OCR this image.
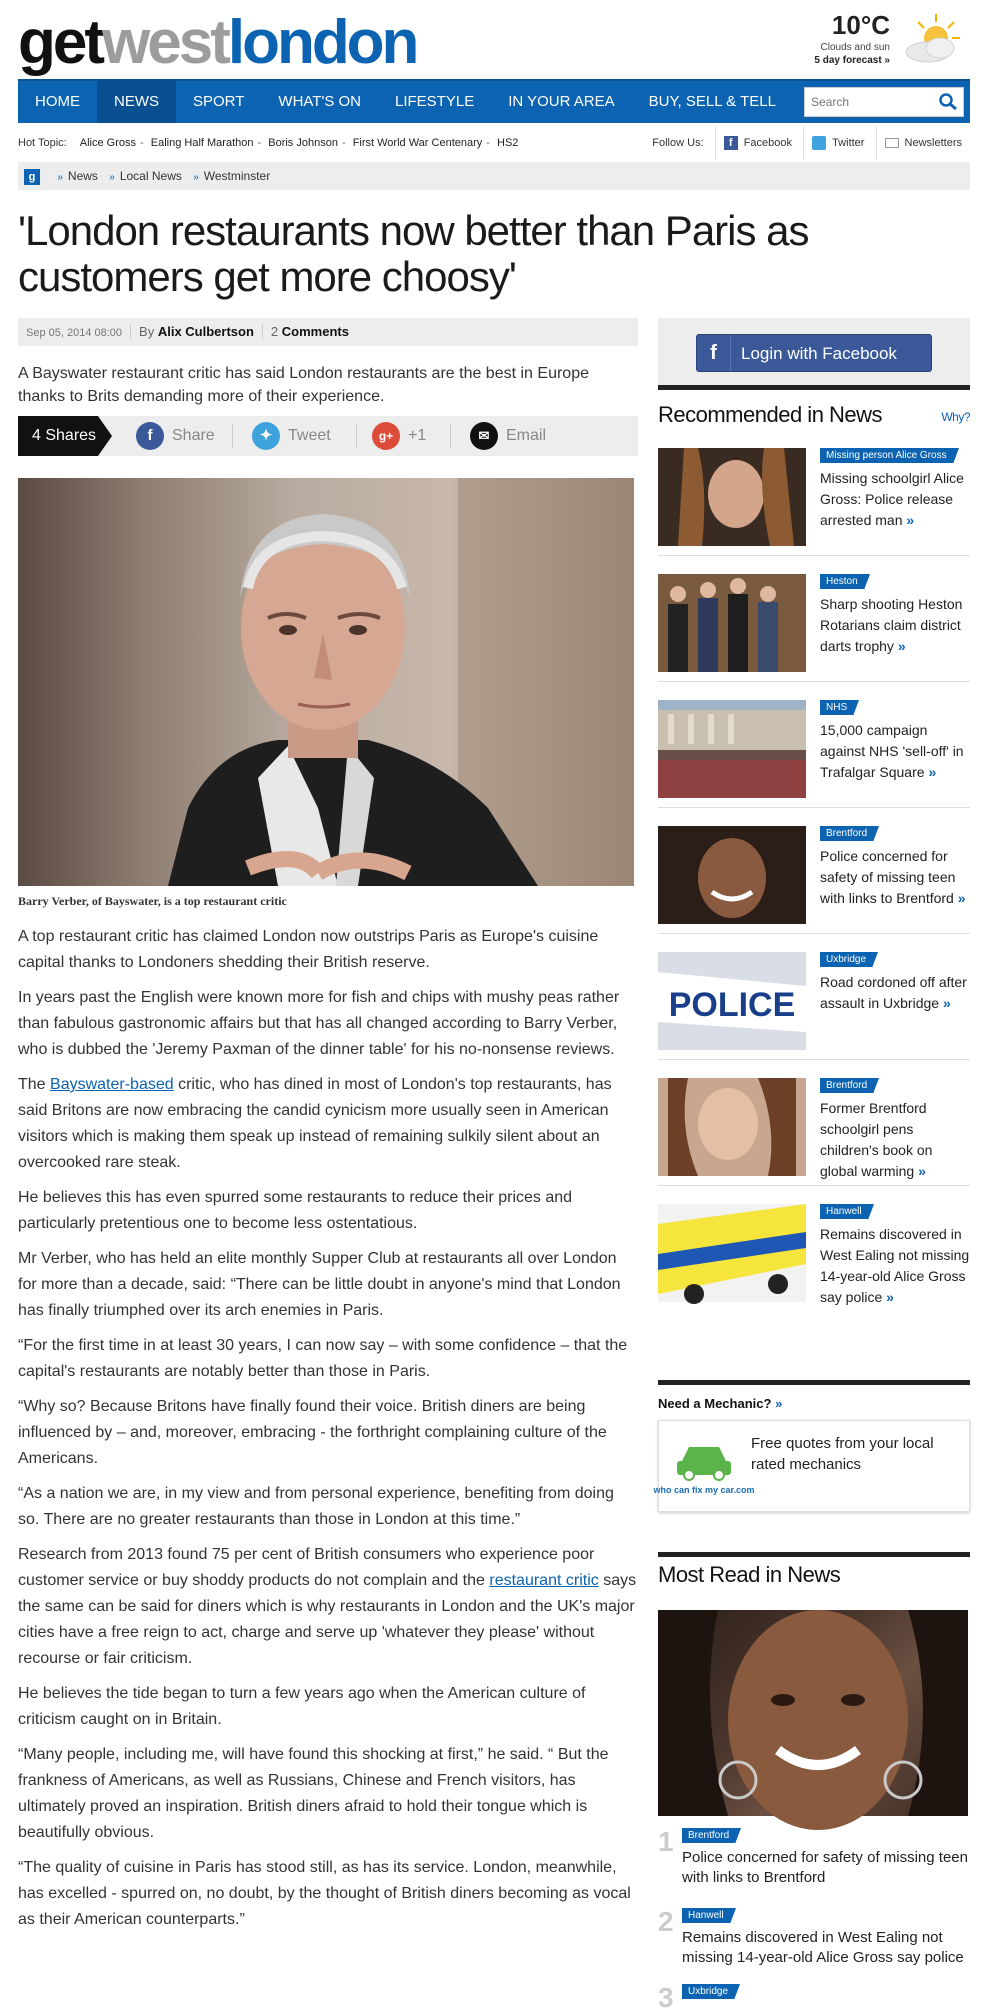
getwestlondon	10°C
Clouds and sun
5 day forecast »
HOME	NEWS	SPORT	WHAT'S ON	LIFESTYLE	IN YOUR AREA	BUY, SELL & TELL
Search
Hot Topic: Alice Gross - Ealing Half Marathon - Boris Johnson - First World War Centenary - HS2	Follow Us: f Facebook	Twitter	Newsletters
g » News » Local News » Westminster
'London restaurants now better than Paris as customers get more choosy'
Sep 05, 2014 08:00 By Alix Culbertson 2 Comments

A Bayswater restaurant critic has said London restaurants are the best in Europe thanks to Brits demanding more of their experience.

4 Shares	f Share	✦ Tweet	g+ +1	✉ Email
Barry Verber, of Bayswater, is a top restaurant critic

A top restaurant critic has claimed London now outstrips Paris as Europe's cuisine capital thanks to Londoners shedding their British reserve.

In years past the English were known more for fish and chips with mushy peas rather than fabulous gastronomic affairs but that has all changed according to Barry Verber, who is dubbed the 'Jeremy Paxman of the dinner table' for his no-nonsense reviews.

The Bayswater-based critic, who has dined in most of London's top restaurants, has said Britons are now embracing the candid cynicism more usually seen in American visitors which is making them speak up instead of remaining sulkily silent about an overcooked rare steak.

He believes this has even spurred some restaurants to reduce their prices and particularly pretentious one to become less ostentatious.

Mr Verber, who has held an elite monthly Supper Club at restaurants all over London for more than a decade, said: “There can be little doubt in anyone's mind that London has finally triumphed over its arch enemies in Paris.

“For the first time in at least 30 years, I can now say – with some confidence – that the capital's restaurants are notably better than those in Paris.

“Why so? Because Britons have finally found their voice. British diners are being influenced by – and, moreover, embracing - the forthright complaining culture of the Americans.

“As a nation we are, in my view and from personal experience, benefiting from doing so. There are no greater restaurants than those in London at this time.”

Research from 2013 found 75 per cent of British consumers who experience poor customer service or buy shoddy products do not complain and the restaurant critic says the same can be said for diners which is why restaurants in London and the UK's major cities have a free reign to act, charge and serve up 'whatever they please' without recourse or fair criticism.

He believes the tide began to turn a few years ago when the American culture of criticism caught on in Britain.

“Many people, including me, will have found this shocking at first,” he said. “ But the frankness of Americans, as well as Russians, Chinese and French visitors, has ultimately proved an inspiration. British diners afraid to hold their tongue which is beautifully obvious.

“The quality of cuisine in Paris has stood still, as has its service. London, meanwhile, has excelled - spurred on, no doubt, by the thought of British diners becoming as vocal as their American counterparts.”

f Login with Facebook
Recommended in News	Why?
Missing person Alice Gross
Missing schoolgirl Alice Gross: Police release arrested man »
Heston
Sharp shooting Heston Rotarians claim district darts trophy »
NHS
15,000 campaign against NHS 'sell-off' in Trafalgar Square »
Brentford
Police concerned for safety of missing teen with links to Brentford »
POLICE
Uxbridge
Road cordoned off after assault in Uxbridge »
Brentford
Former Brentford schoolgirl pens children's book on global warming »
Hanwell
Remains discovered in West Ealing not missing 14-year-old Alice Gross say police »
Need a Mechanic? »
who can fix my car.com
Free quotes from your local rated mechanics
Most Read in News
1	Brentford
Police concerned for safety of missing teen with links to Brentford
2	Hanwell
Remains discovered in West Ealing not missing 14-year-old Alice Gross say police
3	Uxbridge
